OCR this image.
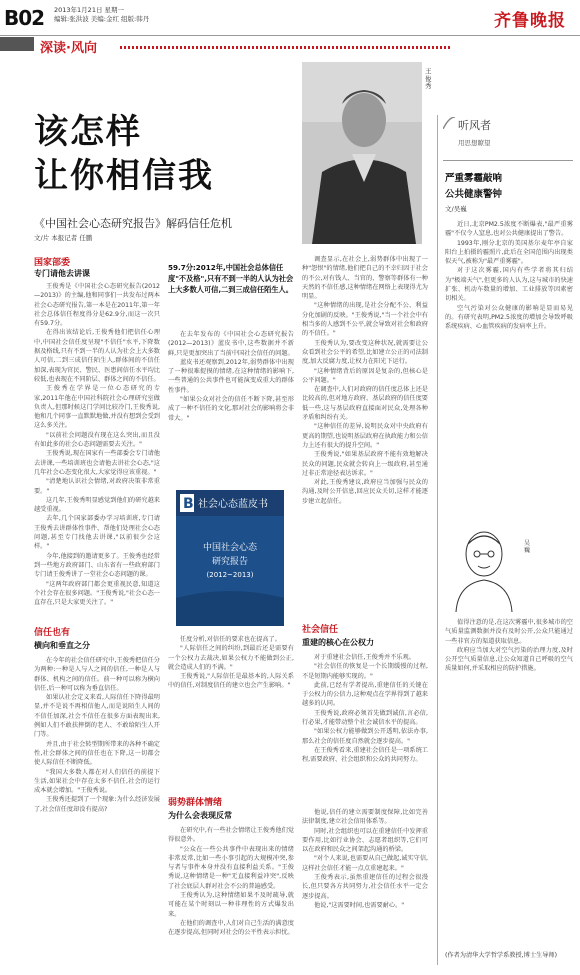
B02 2013年1月21日 星期一
编辑:张洪波 美编:金红 组版:韩丹	齐鲁晚报
深读·风向
该怎样
让你相信我
《中国社会心态研究报告》解码信任危机
文/片 本报记者 任鹏
王俊秀
国家部委
专门请他去讲课

王俊秀是《中国社会心态研究报告(2012—2013)》的主编,他和同事们一共发布过两本社会心态研究报告,第一本是在2011年,第一年社会总体信任程度得分是62.9分,而这一次只有59.7分。

在得出该结论后,王俊秀他们把信任心理中,中国社会信任度呈现"不信任"水平,下降数据及格线,只有不到一半的人认为社会上大多数人可信,二到三成信任陌生人,群体间的不信任加深,表现为官民、警民、医患间信任水平均比较低,也表现在不同阶层、群体之间的不信任。

王俊秀在学界是一位心态研究的专家,2011年他在中国社科院社会心理研究室做负责人,但那时候这门学问比较冷门,王俊秀说,他和几个同事一直默默地做,并没有想到会受到这么多关注。

"以前社会问题没有现在这么突出,而且没有如此多的社会心态问题需要去关注。"

王俊秀说,现在国家有一些部委会专门请他去讲课,一些培训班也会请他去讲社会心态,"这几年社会心态变化很大,大家觉得应该重视。"

"清楚地认识社会情绪,对政府决策非常重要。"

这几年,王俊秀明显感觉到他们的研究越来越受重视。

去年,几个国家部委办学习培训班,专门请王俊秀去讲群体性事件、帮他们处理社会心态问题,甚至专门找他去讲课,"以前很少会这样。"

今年,他接到的邀请更多了。王俊秀也经常到一些地方政府部门、山东省有一些政府部门专门请王俊秀讲了一堂社会心态问题的课。

"这两年政府部门都会更重视民意,知道这个社会存在很多问题。"王俊秀说,"社会心态一直存在,只是大家更关注了。"

信任也有
横向和垂直之分

在今年的社会信任研究中,王俊秀把信任分为两种:一种是人与人之间的信任,一种是人与群体、机构之间的信任。前一种可以称为横向信任,后一种可以称为垂直信任。

如果认社会定义来看,人际信任下降得最明显,并不是说不再相信他人,而是说陌生人间的不信任加深,社会不信任在很多方面表现出来,例如人们不敢扶摔倒的老人、不敢给陌生人开门等。

并且,由于社会转型期所带来的各种不确定性,社会群体之间的信任也在下降,这一切都会使人际信任不断降低。

"我国大多数人都在对人们信任的前提下生活,如果社会中存在太多不信任,社会的运行成本就会增加。"王俊秀说。

王俊秀还提到了一个现象:为什么经济发展了,社会信任度却没有提高?

59.7分:2012年,中国社会总体信任度"不及格",只有不到一半的人认为社会上大多数人可信,二到三成信任陌生人。

在去年发布的《中国社会心态研究报告(2012—2013)》蓝皮书中,这些数据并不新鲜,只是更加突出了当前中国社会信任的问题。

蓝皮书还观察到,2012年,弱势群体中出现了一种很难捉摸的情绪,在这种情绪的影响下,一些普通的公共事件也可能演变成重大的群体性事件。

"如果公众对社会的信任不断下降,甚至形成了一种不信任的文化,那对社会的影响将会非常大。"

B 社会心态蓝皮书
中国社会心态
研究报告
(2012~2013)

任度分析,对信任的要求也在提高了。

"人际信任之间的纠纷,到最后还是需要有一个公权力去裁决,如果公权力不能做到公正,就会造成人们的不满。"

王俊秀说,"人际信任是最基本的,人际关系中的信任,对制度信任的建立也会产生影响。"

弱势群体情绪
为什么会表现反常

在研究中,有一些社会情绪让王俊秀他们觉得很意外。

"公众在一些公共事件中表现出来的情绪非常反常,比如一些小事引起的大规模冲突,参与者与事件本身并没有直接利益关系。"王俊秀说,这种情绪是一种"无直接利益冲突",反映了社会底层人群对社会不公的普遍感受。

王俊秀认为,这种情绪如果不及时疏导,就可能在某个时刻以一种非理性的方式爆发出来。

在他们的调查中,人们对自己生活的满意度在逐步提高,但同时对社会的公平性表示担忧。

调查显示,在社会上,弱势群体中出现了一种"怨恨"的情绪,他们把自己的不幸归因于社会的不公,对有钱人、当官的、警察等群体有一种天然的不信任感,这种情绪在网络上表现得尤为明显。

"这种情绪的出现,是社会分配不公、利益分化加剧的反映。"王俊秀说,"当一个社会中有相当多的人感到不公平,就会导致对社会和政府的不信任。"

王俊秀认为,要改变这种状况,就需要让公众看到社会公平的希望,比如建立公正的司法制度,加大反腐力度,让权力在阳光下运行。

"这种情绪背后的原因是复杂的,但核心是公平问题。"

在调查中,人们对政府的信任度总体上还是比较高的,但对地方政府、基层政府的信任度要低一些,这与基层政府直接面对民众,处理各种矛盾和纠纷有关。

"这种信任的差异,说明民众对中央政府有更高的期望,也说明基层政府在执政能力和公信力上还有很大的提升空间。"

王俊秀说,"如果基层政府不能有效地解决民众的问题,民众就会转向上一级政府,甚至通过非正常途径表达诉求。"

对此,王俊秀建议,政府应当加强与民众的沟通,及时公开信息,回应民众关切,这样才能逐步建立起信任。

社会信任
重建的核心在公权力

对于重建社会信任,王俊秀并不乐观。

"社会信任的恢复是一个长期缓慢的过程,不是短期内能够实现的。"

此前,已经有学者提出,重建信任的关键在于公权力的公信力,这种观点在学界得到了越来越多的认同。

王俊秀说,政府必须首先做到诚信,言必信,行必果,才能带动整个社会诚信水平的提高。

"如果公权力能够做到公开透明,依法办事,那么社会的信任度自然就会逐步提高。"

在王俊秀看来,重建社会信任是一项系统工程,需要政府、社会组织和公众的共同努力。

他说,信任的建立需要制度保障,比如完善法律制度,建立社会信用体系等。

同时,社会组织也可以在重建信任中发挥重要作用,比如行业协会、志愿者组织等,它们可以在政府和民众之间架起沟通的桥梁。

"对个人来说,也需要从自己做起,诚实守信,这样社会信任才能一点点重建起来。"

王俊秀表示,虽然重建信任的过程会很漫长,但只要各方共同努力,社会信任水平一定会逐步提高。

他说,"这需要时间,也需要耐心。"

听风者
用思想瞭望
严重雾霾敲响
公共健康警钟
文/吴巍

近日,北京PM2.5浓度不断爆表,"最严重雾霾"不仅令人窒息,也对公共健康提出了警告。

1993年,刚分北京的美国基尔麦年亭自家阳台上拍摄的霾照片,此后在全国范围内出现类似天气,被称为"最严重雾霾"。

对于这次雾霾,国内有些学者将其归结为"极端天气",但更多的人认为,这与城市的快速扩张、机动车数量的增加、工业排放等因素密切相关。

空气污染对公众健康的影响是显而易见的。有研究表明,PM2.5浓度的增加会导致呼吸系统疾病、心血管疾病的发病率上升。

吴巍

值得注意的是,在这次雾霾中,很多城市的空气质量监测数据并没有及时公开,公众只能通过一些非官方的渠道获取信息。

政府应当加大对空气污染的治理力度,及时公开空气质量信息,让公众知道自己呼吸的空气质量如何,并采取相应的防护措施。

(作者为清华大学哲学系教授,博士生导师)
